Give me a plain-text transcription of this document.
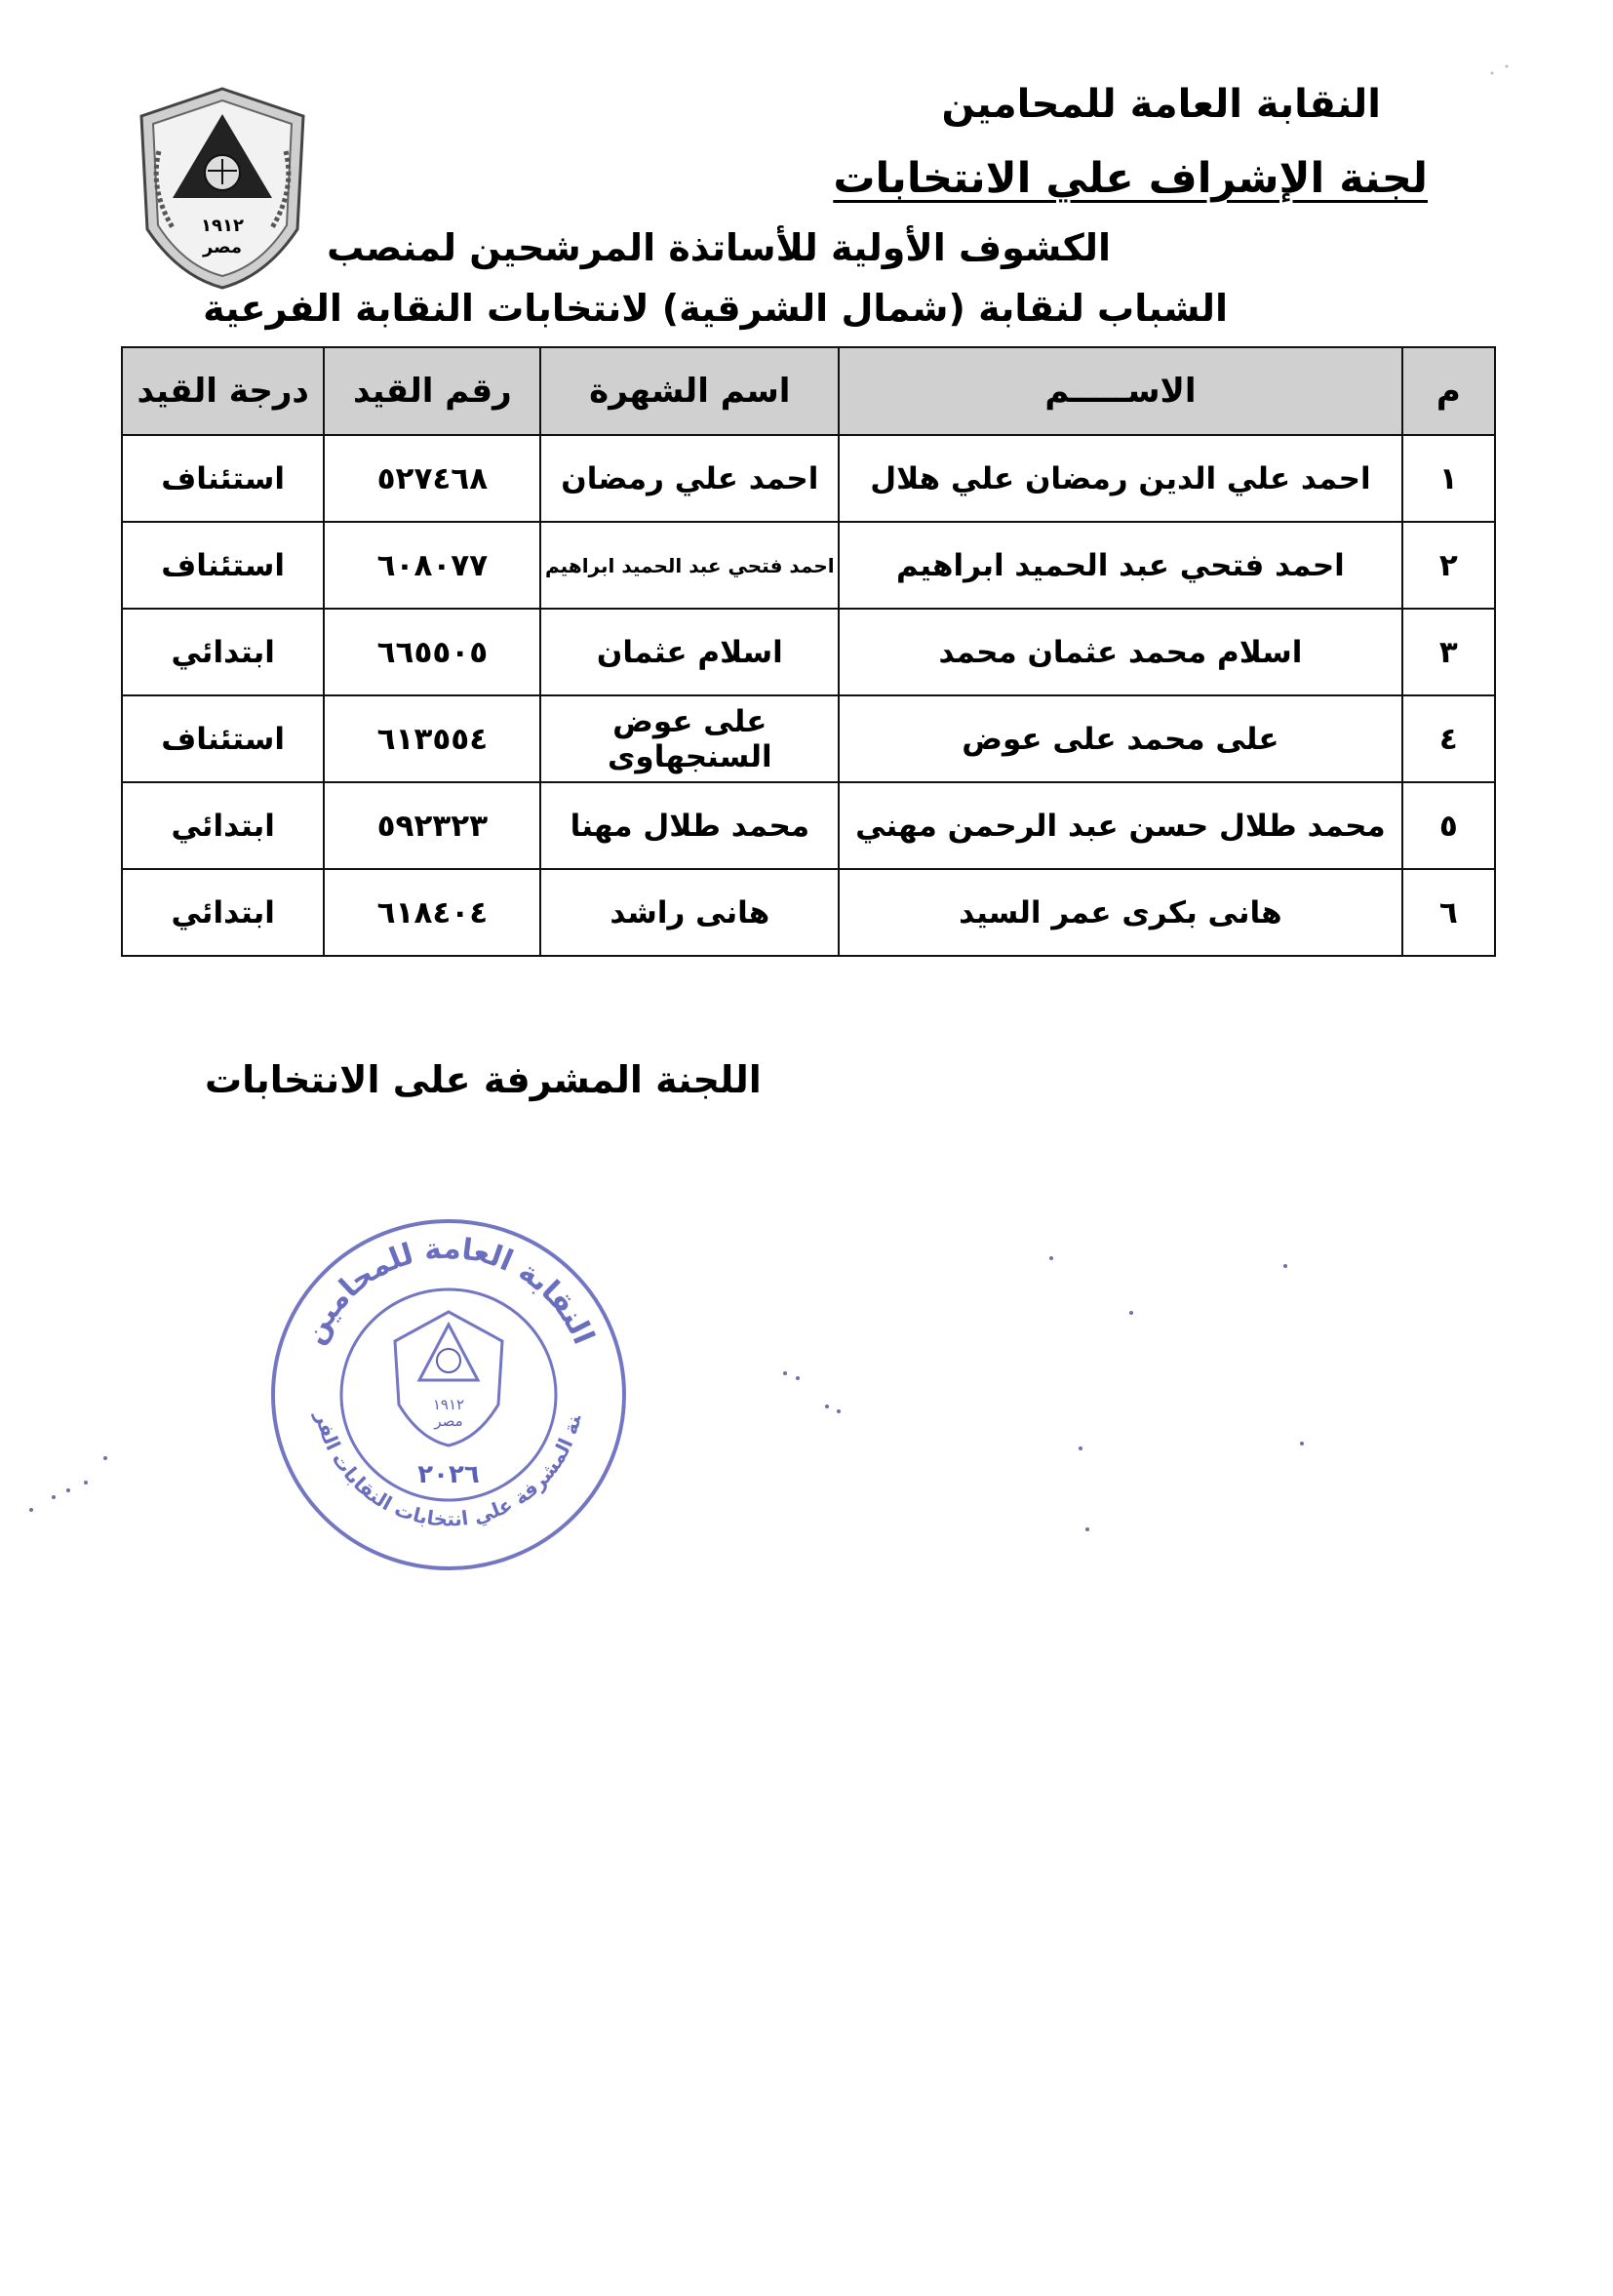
١٩١٢
مصر
النقابة العامة للمحامين
لجنة الإشراف علي الانتخابات
الكشوف الأولية للأساتذة المرشحين لمنصب
الشباب لنقابة (شمال الشرقية) لانتخابات النقابة الفرعية
م	الاســـــم	اسم الشهرة	رقم القيد	درجة القيد
١	احمد علي الدين رمضان علي هلال	احمد علي رمضان	٥٢٧٤٦٨	استئناف
٢	احمد فتحي عبد الحميد ابراهيم	احمد فتحي عبد الحميد ابراهيم	٦٠٨٠٧٧	استئناف
٣	اسلام محمد عثمان محمد	اسلام عثمان	٦٦٥٥٠٥	ابتدائي
٤	على محمد على عوض	على عوض السنجهاوى	٦١٣٥٥٤	استئناف
٥	محمد طلال حسن عبد الرحمن مهني	محمد طلال مهنا	٥٩٢٣٢٣	ابتدائي
٦	هانى بكرى عمر السيد	هانى راشد	٦١٨٤٠٤	ابتدائي
اللجنة المشرفة على الانتخابات
النقابة العامة للمحامين
نة المشرفة علي انتخابات النقابات الفر
١٩١٢
مصر
٢٠٢٦
